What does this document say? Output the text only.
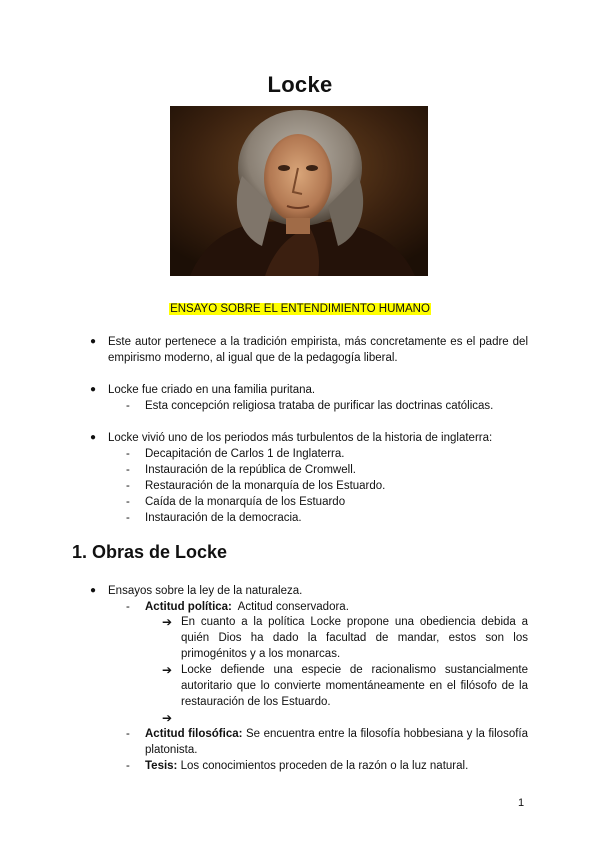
Locke
ENSAYO SOBRE EL ENTENDIMIENTO HUMANO
● Este autor pertenece a la tradición empirista, más concretamente es el padre del empirismo moderno, al igual que de la pedagogía liberal.
● Locke fue criado en una familia puritana.
- Esta concepción religiosa trataba de purificar las doctrinas católicas.
● Locke vivió uno de los periodos más turbulentos de la historia de inglaterra:
- Decapitación de Carlos 1 de Inglaterra.
- Instauración de la república de Cromwell.
- Restauración de la monarquía de los Estuardo.
- Caída de la monarquía de los Estuardo
- Instauración de la democracia.
1. Obras de Locke
● Ensayos sobre la ley de la naturaleza.
- Actitud política: Actitud conservadora.
➔ En cuanto a la política Locke propone una obediencia debida a quién Dios ha dado la facultad de mandar, estos son los primogénitos y a los monarcas.
➔ Locke defiende una especie de racionalismo sustancialmente autoritario que lo convierte momentáneamente en el filósofo de la restauración de los Estuardo.
➔
- Actitud filosófica: Se encuentra entre la filosofía hobbesiana y la filosofía platonista.
- Tesis: Los conocimientos proceden de la razón o la luz natural.
1
